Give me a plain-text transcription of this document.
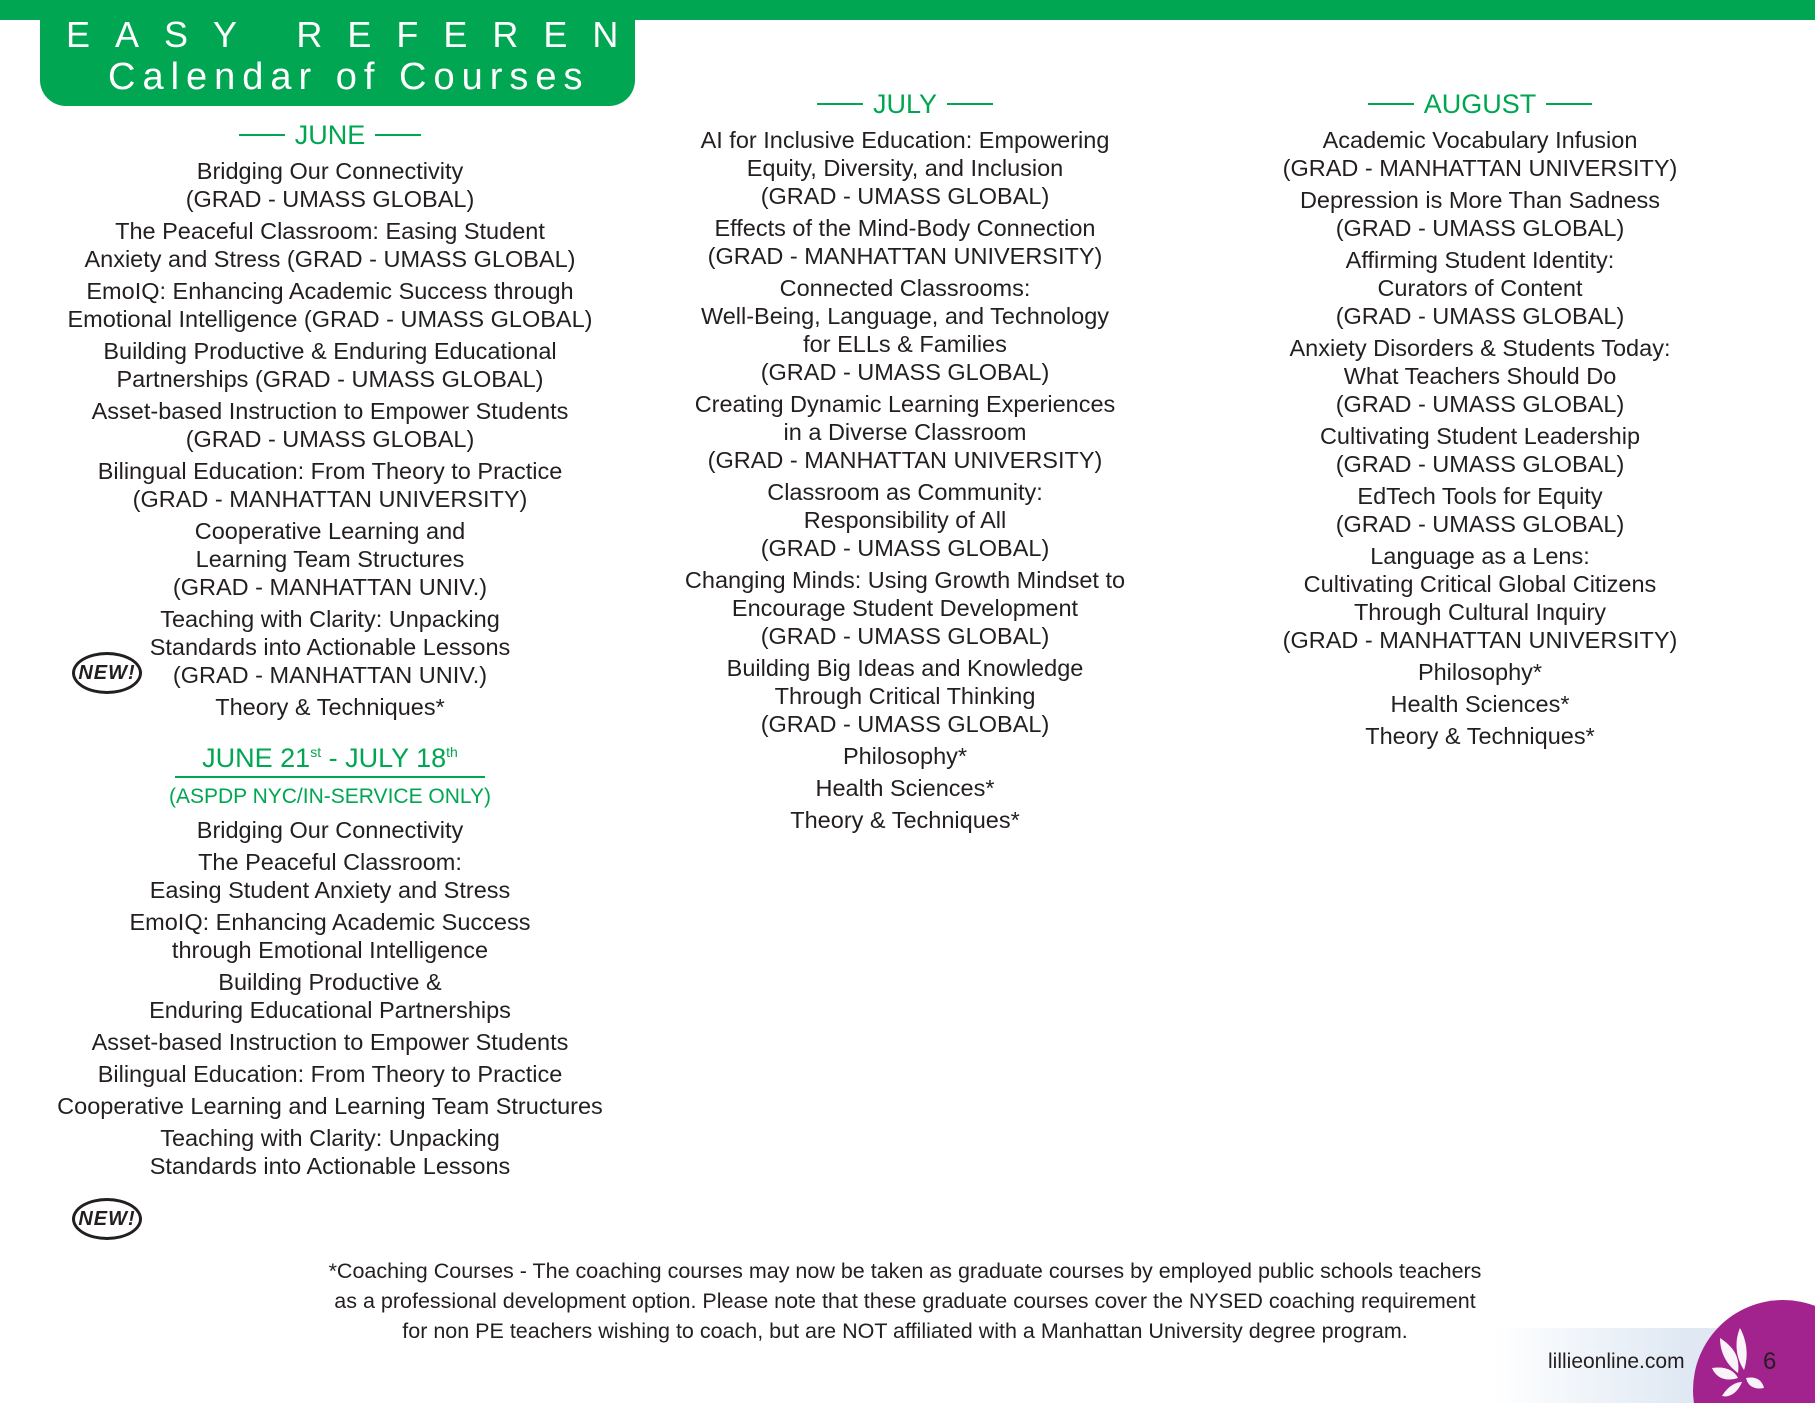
EASY REFERENCE
Calendar of Courses
JUNE
Bridging Our Connectivity
(GRAD - UMASS GLOBAL)
The Peaceful Classroom: Easing Student
Anxiety and Stress (GRAD - UMASS GLOBAL)
EmoIQ: Enhancing Academic Success through
Emotional Intelligence (GRAD - UMASS GLOBAL)
Building Productive & Enduring Educational
Partnerships (GRAD - UMASS GLOBAL)
Asset-based Instruction to Empower Students
(GRAD - UMASS GLOBAL)
Bilingual Education: From Theory to Practice
(GRAD - MANHATTAN UNIVERSITY)
Cooperative Learning and
Learning Team Structures
(GRAD - MANHATTAN UNIV.)
Teaching with Clarity: Unpacking
Standards into Actionable Lessons
(GRAD - MANHATTAN UNIV.)
Theory & Techniques*
JUNE 21st - JULY 18th
(ASPDP NYC/IN-SERVICE ONLY)
Bridging Our Connectivity
The Peaceful Classroom:
Easing Student Anxiety and Stress
EmoIQ: Enhancing Academic Success
through Emotional Intelligence
Building Productive &
Enduring Educational Partnerships
Asset-based Instruction to Empower Students
Bilingual Education: From Theory to Practice
Cooperative Learning and Learning Team Structures
Teaching with Clarity: Unpacking
Standards into Actionable Lessons
JULY
AI for Inclusive Education: Empowering
Equity, Diversity, and Inclusion
(GRAD - UMASS GLOBAL)
Effects of the Mind-Body Connection
(GRAD - MANHATTAN UNIVERSITY)
Connected Classrooms:
Well-Being, Language, and Technology
for ELLs & Families
(GRAD - UMASS GLOBAL)
Creating Dynamic Learning Experiences
in a Diverse Classroom
(GRAD - MANHATTAN UNIVERSITY)
Classroom as Community:
Responsibility of All
(GRAD - UMASS GLOBAL)
Changing Minds: Using Growth Mindset to
Encourage Student Development
(GRAD - UMASS GLOBAL)
Building Big Ideas and Knowledge
Through Critical Thinking
(GRAD - UMASS GLOBAL)
Philosophy*
Health Sciences*
Theory & Techniques*
AUGUST
Academic Vocabulary Infusion
(GRAD - MANHATTAN UNIVERSITY)
Depression is More Than Sadness
(GRAD - UMASS GLOBAL)
Affirming Student Identity:
Curators of Content
(GRAD - UMASS GLOBAL)
Anxiety Disorders & Students Today:
What Teachers Should Do
(GRAD - UMASS GLOBAL)
Cultivating Student Leadership
(GRAD - UMASS GLOBAL)
EdTech Tools for Equity
(GRAD - UMASS GLOBAL)
Language as a Lens:
Cultivating Critical Global Citizens
Through Cultural Inquiry
(GRAD - MANHATTAN UNIVERSITY)
Philosophy*
Health Sciences*
Theory & Techniques*
NEW!
NEW!
*Coaching Courses - The coaching courses may now be taken as graduate courses by employed public schools teachers
as a professional development option. Please note that these graduate courses cover the NYSED coaching requirement
for non PE teachers wishing to coach, but are NOT affiliated with a Manhattan University degree program.
lillieonline.com	6
